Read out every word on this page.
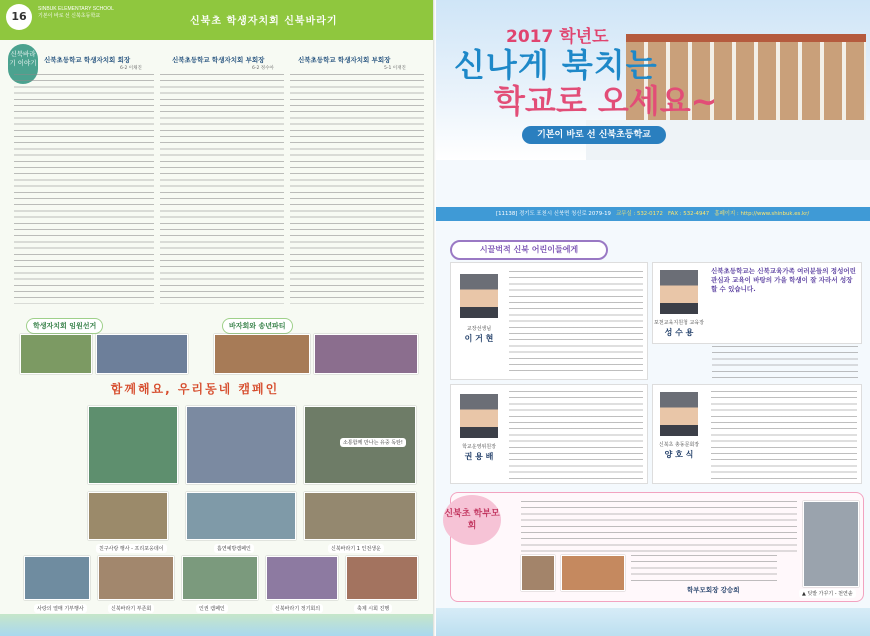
16
SINBUK ELEMENTARY SCHOOL
기본이 바로 선 신북초등학교	신북초 학생자치회 신북바라기
신북바라기 이야기 신북초등학교 학생자치회 회장
6-2 이채진
신북초등학교 학생자치회 부회장
6-2 정수아
신북초등학교 학생자치회 부회장
5-1 이재진
학생자치회 임원선거	바자회와 송년파티
함께해요, 우리동네 캠페인
소통함께 만나는 유중 독탄!
친구사랑 행사 - 프리포옹데이	흡연예방캠페인	신북바라기 1 인전생운
사랑의 열매 기부행사	신북바라기 부존회	인권 캠페인	신북바라기 정기회의	축제 시회 진행
2017 학년도
신나게 북치는
학교로 오세요~
기본이 바로 선 신북초등학교
[11138] 경기도 포천시 신북면 청신로 2079-19 교무실 : 532-0172 FAX : 532-4947 홈페이지 : http://www.shinbuk.es.kr/
시끌벅적 신북 어린이들에게
교장선생님
이 거 현
포천교육지원청 교육장
성 수 용
신북초등학교는 신북교육가족 여러분들의 정성어린 관심과 교육이 바탕의 가을 학생이 잘 자라서 성장할 수 있습니다.
학교운영위원장
권 용 배
신북초 총동문회장
양 호 식
신북초 학부모회
학부모회장 강승희	▲ 텃밭 가꾸기 - 천연솥
